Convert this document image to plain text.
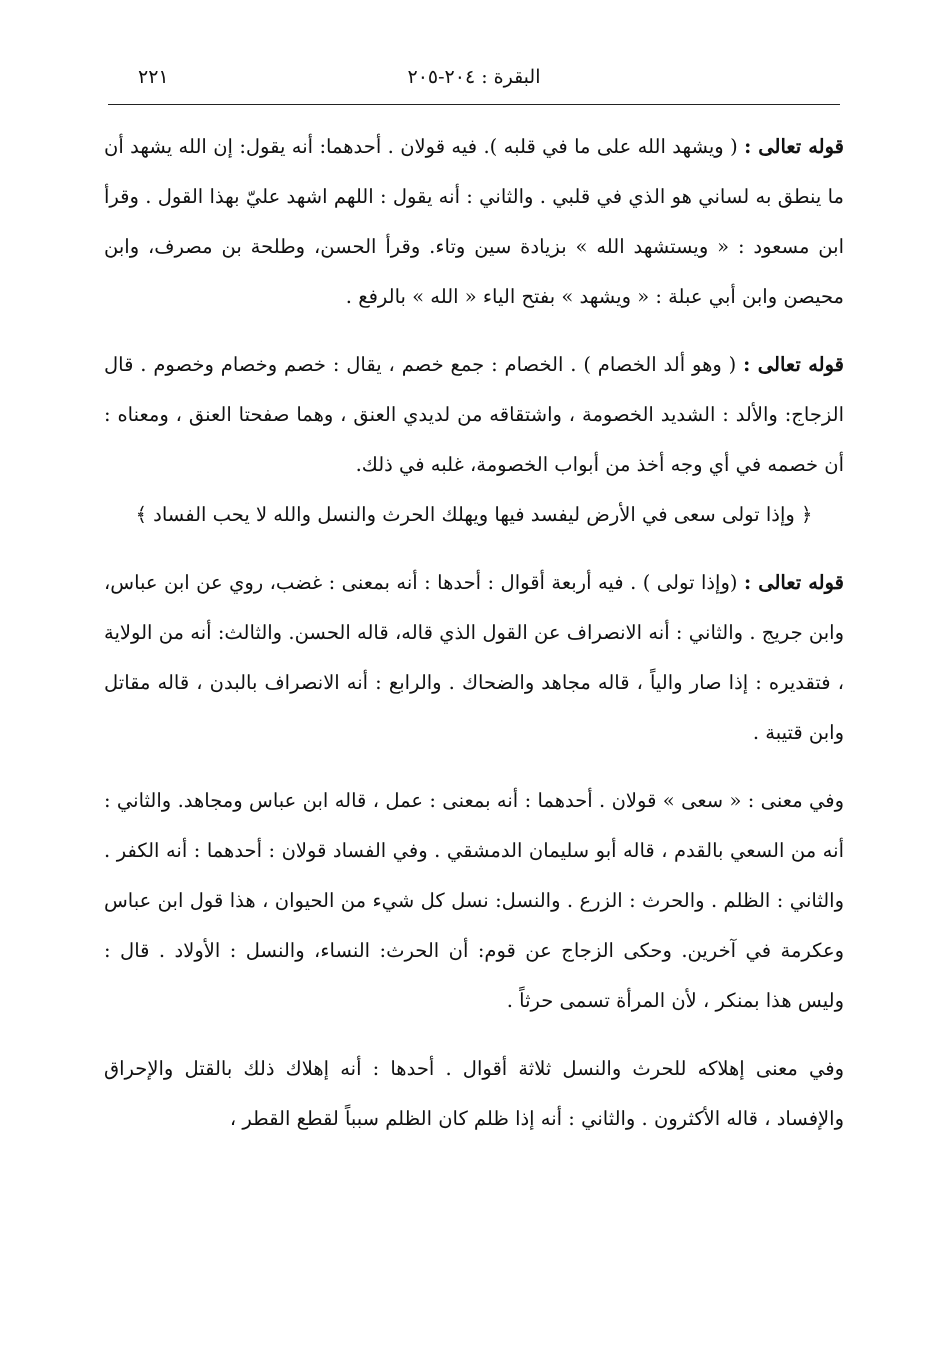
البقرة : ٢٠٤-٢٠٥
٢٢١

قوله تعالى : ( ويشهد الله على ما في قلبه ). فيه قولان . أحدهما: أنه يقول: إن الله يشهد أن ما ينطق به لساني هو الذي في قلبي . والثاني : أنه يقول : اللهم اشهد عليّ بهذا القول . وقرأ ابن مسعود : « ويستشهد الله » بزيادة سين وتاء. وقرأ الحسن، وطلحة بن مصرف، وابن محيصن وابن أبي عبلة : « ويشهد » بفتح الياء « الله » بالرفع .

قوله تعالى : ( وهو ألد الخصام ) . الخصام : جمع خصم ، يقال : خصم وخصام وخصوم . قال الزجاج: والألد : الشديد الخصومة ، واشتقاقه من لديدي العنق ، وهما صفحتا العنق ، ومعناه : أن خصمه في أي وجه أخذ من أبواب الخصومة، غلبه في ذلك.

﴿ وإذا تولى سعى في الأرض ليفسد فيها ويهلك الحرث والنسل والله لا يحب الفساد ﴾

قوله تعالى : (وإذا تولى ) . فيه أربعة أقوال : أحدها : أنه بمعنى : غضب، روي عن ابن عباس، وابن جريج . والثاني : أنه الانصراف عن القول الذي قاله، قاله الحسن. والثالث: أنه من الولاية ، فتقديره : إذا صار والياً ، قاله مجاهد والضحاك . والرابع : أنه الانصراف بالبدن ، قاله مقاتل وابن قتيبة .

وفي معنى : « سعى » قولان . أحدهما : أنه بمعنى : عمل ، قاله ابن عباس ومجاهد. والثاني : أنه من السعي بالقدم ، قاله أبو سليمان الدمشقي . وفي الفساد قولان : أحدهما : أنه الكفر . والثاني : الظلم . والحرث : الزرع . والنسل: نسل كل شيء من الحيوان ، هذا قول ابن عباس وعكرمة في آخرين. وحكى الزجاج عن قوم: أن الحرث: النساء، والنسل : الأولاد . قال : وليس هذا بمنكر ، لأن المرأة تسمى حرثاً .

وفي معنى إهلاكه للحرث والنسل ثلاثة أقوال . أحدها : أنه إهلاك ذلك بالقتل والإحراق والإفساد ، قاله الأكثرون . والثاني : أنه إذا ظلم كان الظلم سبباً لقطع القطر ،
